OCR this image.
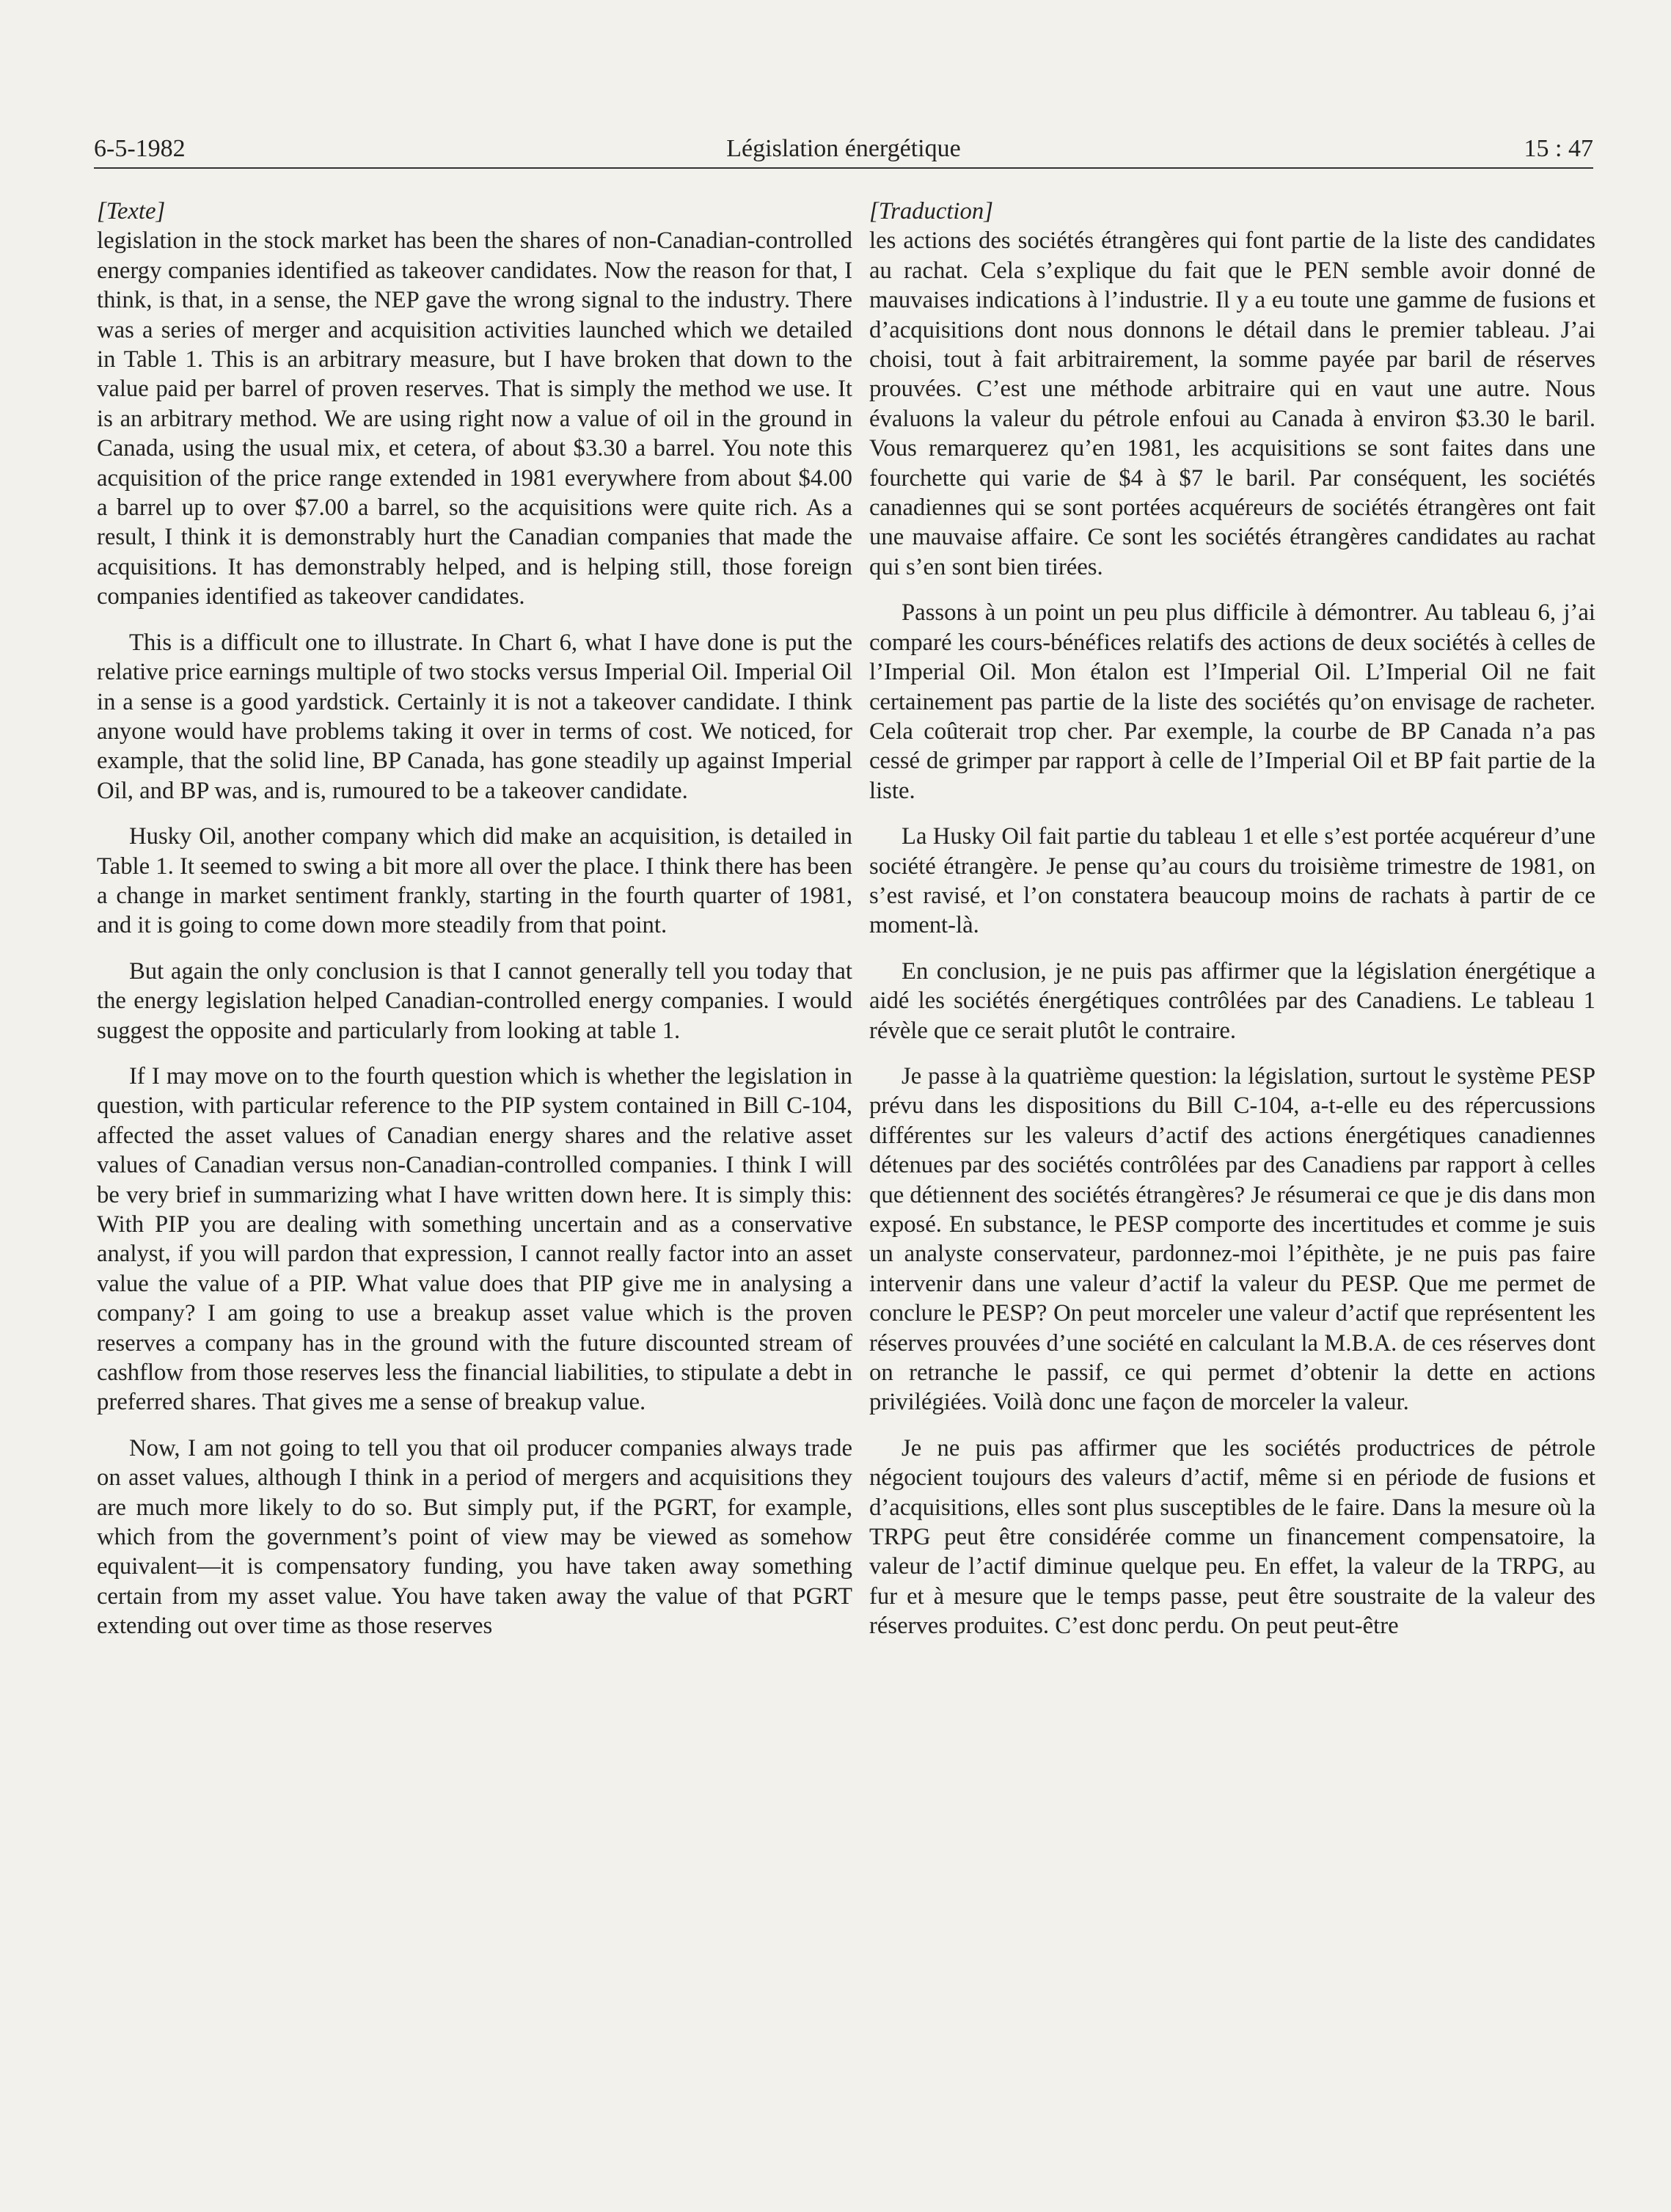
6-5-1982	Législation énergétique	15 : 47
[Texte]

legislation in the stock market has been the shares of non-Canadian-controlled energy companies identified as takeover candidates. Now the reason for that, I think, is that, in a sense, the NEP gave the wrong signal to the industry. There was a series of merger and acquisition activities launched which we detailed in Table 1. This is an arbitrary measure, but I have broken that down to the value paid per barrel of proven reserves. That is simply the method we use. It is an arbitrary method. We are using right now a value of oil in the ground in Canada, using the usual mix, et cetera, of about $3.30 a barrel. You note this acquisition of the price range extended in 1981 everywhere from about $4.00 a barrel up to over $7.00 a barrel, so the acquisitions were quite rich. As a result, I think it is demonstrably hurt the Canadian companies that made the acquisitions. It has demonstrably helped, and is helping still, those foreign companies identified as takeover candidates.

This is a difficult one to illustrate. In Chart 6, what I have done is put the relative price earnings multiple of two stocks versus Imperial Oil. Imperial Oil in a sense is a good yardstick. Certainly it is not a takeover candidate. I think anyone would have problems taking it over in terms of cost. We noticed, for example, that the solid line, BP Canada, has gone steadily up against Imperial Oil, and BP was, and is, rumoured to be a takeover candidate.

Husky Oil, another company which did make an acquisition, is detailed in Table 1. It seemed to swing a bit more all over the place. I think there has been a change in market sentiment frankly, starting in the fourth quarter of 1981, and it is going to come down more steadily from that point.

But again the only conclusion is that I cannot generally tell you today that the energy legislation helped Canadian-controlled energy companies. I would suggest the opposite and particularly from looking at table 1.

If I may move on to the fourth question which is whether the legislation in question, with particular reference to the PIP system contained in Bill C-104, affected the asset values of Canadian energy shares and the relative asset values of Canadian versus non-Canadian-controlled companies. I think I will be very brief in summarizing what I have written down here. It is simply this: With PIP you are dealing with something uncertain and as a conservative analyst, if you will pardon that expression, I cannot really factor into an asset value the value of a PIP. What value does that PIP give me in analysing a company? I am going to use a breakup asset value which is the proven reserves a company has in the ground with the future discounted stream of cashflow from those reserves less the financial liabilities, to stipulate a debt in preferred shares. That gives me a sense of breakup value.

Now, I am not going to tell you that oil producer companies always trade on asset values, although I think in a period of mergers and acquisitions they are much more likely to do so. But simply put, if the PGRT, for example, which from the government’s point of view may be viewed as somehow equivalent—it is compensatory funding, you have taken away something certain from my asset value. You have taken away the value of that PGRT extending out over time as those reserves

[Traduction]

les actions des sociétés étrangères qui font partie de la liste des candidates au rachat. Cela s’explique du fait que le PEN semble avoir donné de mauvaises indications à l’industrie. Il y a eu toute une gamme de fusions et d’acquisitions dont nous donnons le détail dans le premier tableau. J’ai choisi, tout à fait arbitrairement, la somme payée par baril de réserves prouvées. C’est une méthode arbitraire qui en vaut une autre. Nous évaluons la valeur du pétrole enfoui au Canada à environ $3.30 le baril. Vous remarquerez qu’en 1981, les acquisitions se sont faites dans une fourchette qui varie de $4 à $7 le baril. Par conséquent, les sociétés canadiennes qui se sont portées acquéreurs de sociétés étrangères ont fait une mauvaise affaire. Ce sont les sociétés étrangères candidates au rachat qui s’en sont bien tirées.

Passons à un point un peu plus difficile à démontrer. Au tableau 6, j’ai comparé les cours-bénéfices relatifs des actions de deux sociétés à celles de l’Imperial Oil. Mon étalon est l’Imperial Oil. L’Imperial Oil ne fait certainement pas partie de la liste des sociétés qu’on envisage de racheter. Cela coûterait trop cher. Par exemple, la courbe de BP Canada n’a pas cessé de grimper par rapport à celle de l’Imperial Oil et BP fait partie de la liste.

La Husky Oil fait partie du tableau 1 et elle s’est portée acquéreur d’une société étrangère. Je pense qu’au cours du troisième trimestre de 1981, on s’est ravisé, et l’on constatera beaucoup moins de rachats à partir de ce moment-là.

En conclusion, je ne puis pas affirmer que la législation énergétique a aidé les sociétés énergétiques contrôlées par des Canadiens. Le tableau 1 révèle que ce serait plutôt le contraire.

Je passe à la quatrième question: la législation, surtout le système PESP prévu dans les dispositions du Bill C-104, a-t-elle eu des répercussions différentes sur les valeurs d’actif des actions énergétiques canadiennes détenues par des sociétés contrôlées par des Canadiens par rapport à celles que détiennent des sociétés étrangères? Je résumerai ce que je dis dans mon exposé. En substance, le PESP comporte des incertitudes et comme je suis un analyste conservateur, pardonnez-moi l’épithète, je ne puis pas faire intervenir dans une valeur d’actif la valeur du PESP. Que me permet de conclure le PESP? On peut morceler une valeur d’actif que représentent les réserves prouvées d’une société en calculant la M.B.A. de ces réserves dont on retranche le passif, ce qui permet d’obtenir la dette en actions privilégiées. Voilà donc une façon de morceler la valeur.

Je ne puis pas affirmer que les sociétés productrices de pétrole négocient toujours des valeurs d’actif, même si en période de fusions et d’acquisitions, elles sont plus susceptibles de le faire. Dans la mesure où la TRPG peut être considérée comme un financement compensatoire, la valeur de l’actif diminue quelque peu. En effet, la valeur de la TRPG, au fur et à mesure que le temps passe, peut être soustraite de la valeur des réserves produites. C’est donc perdu. On peut peut-être
